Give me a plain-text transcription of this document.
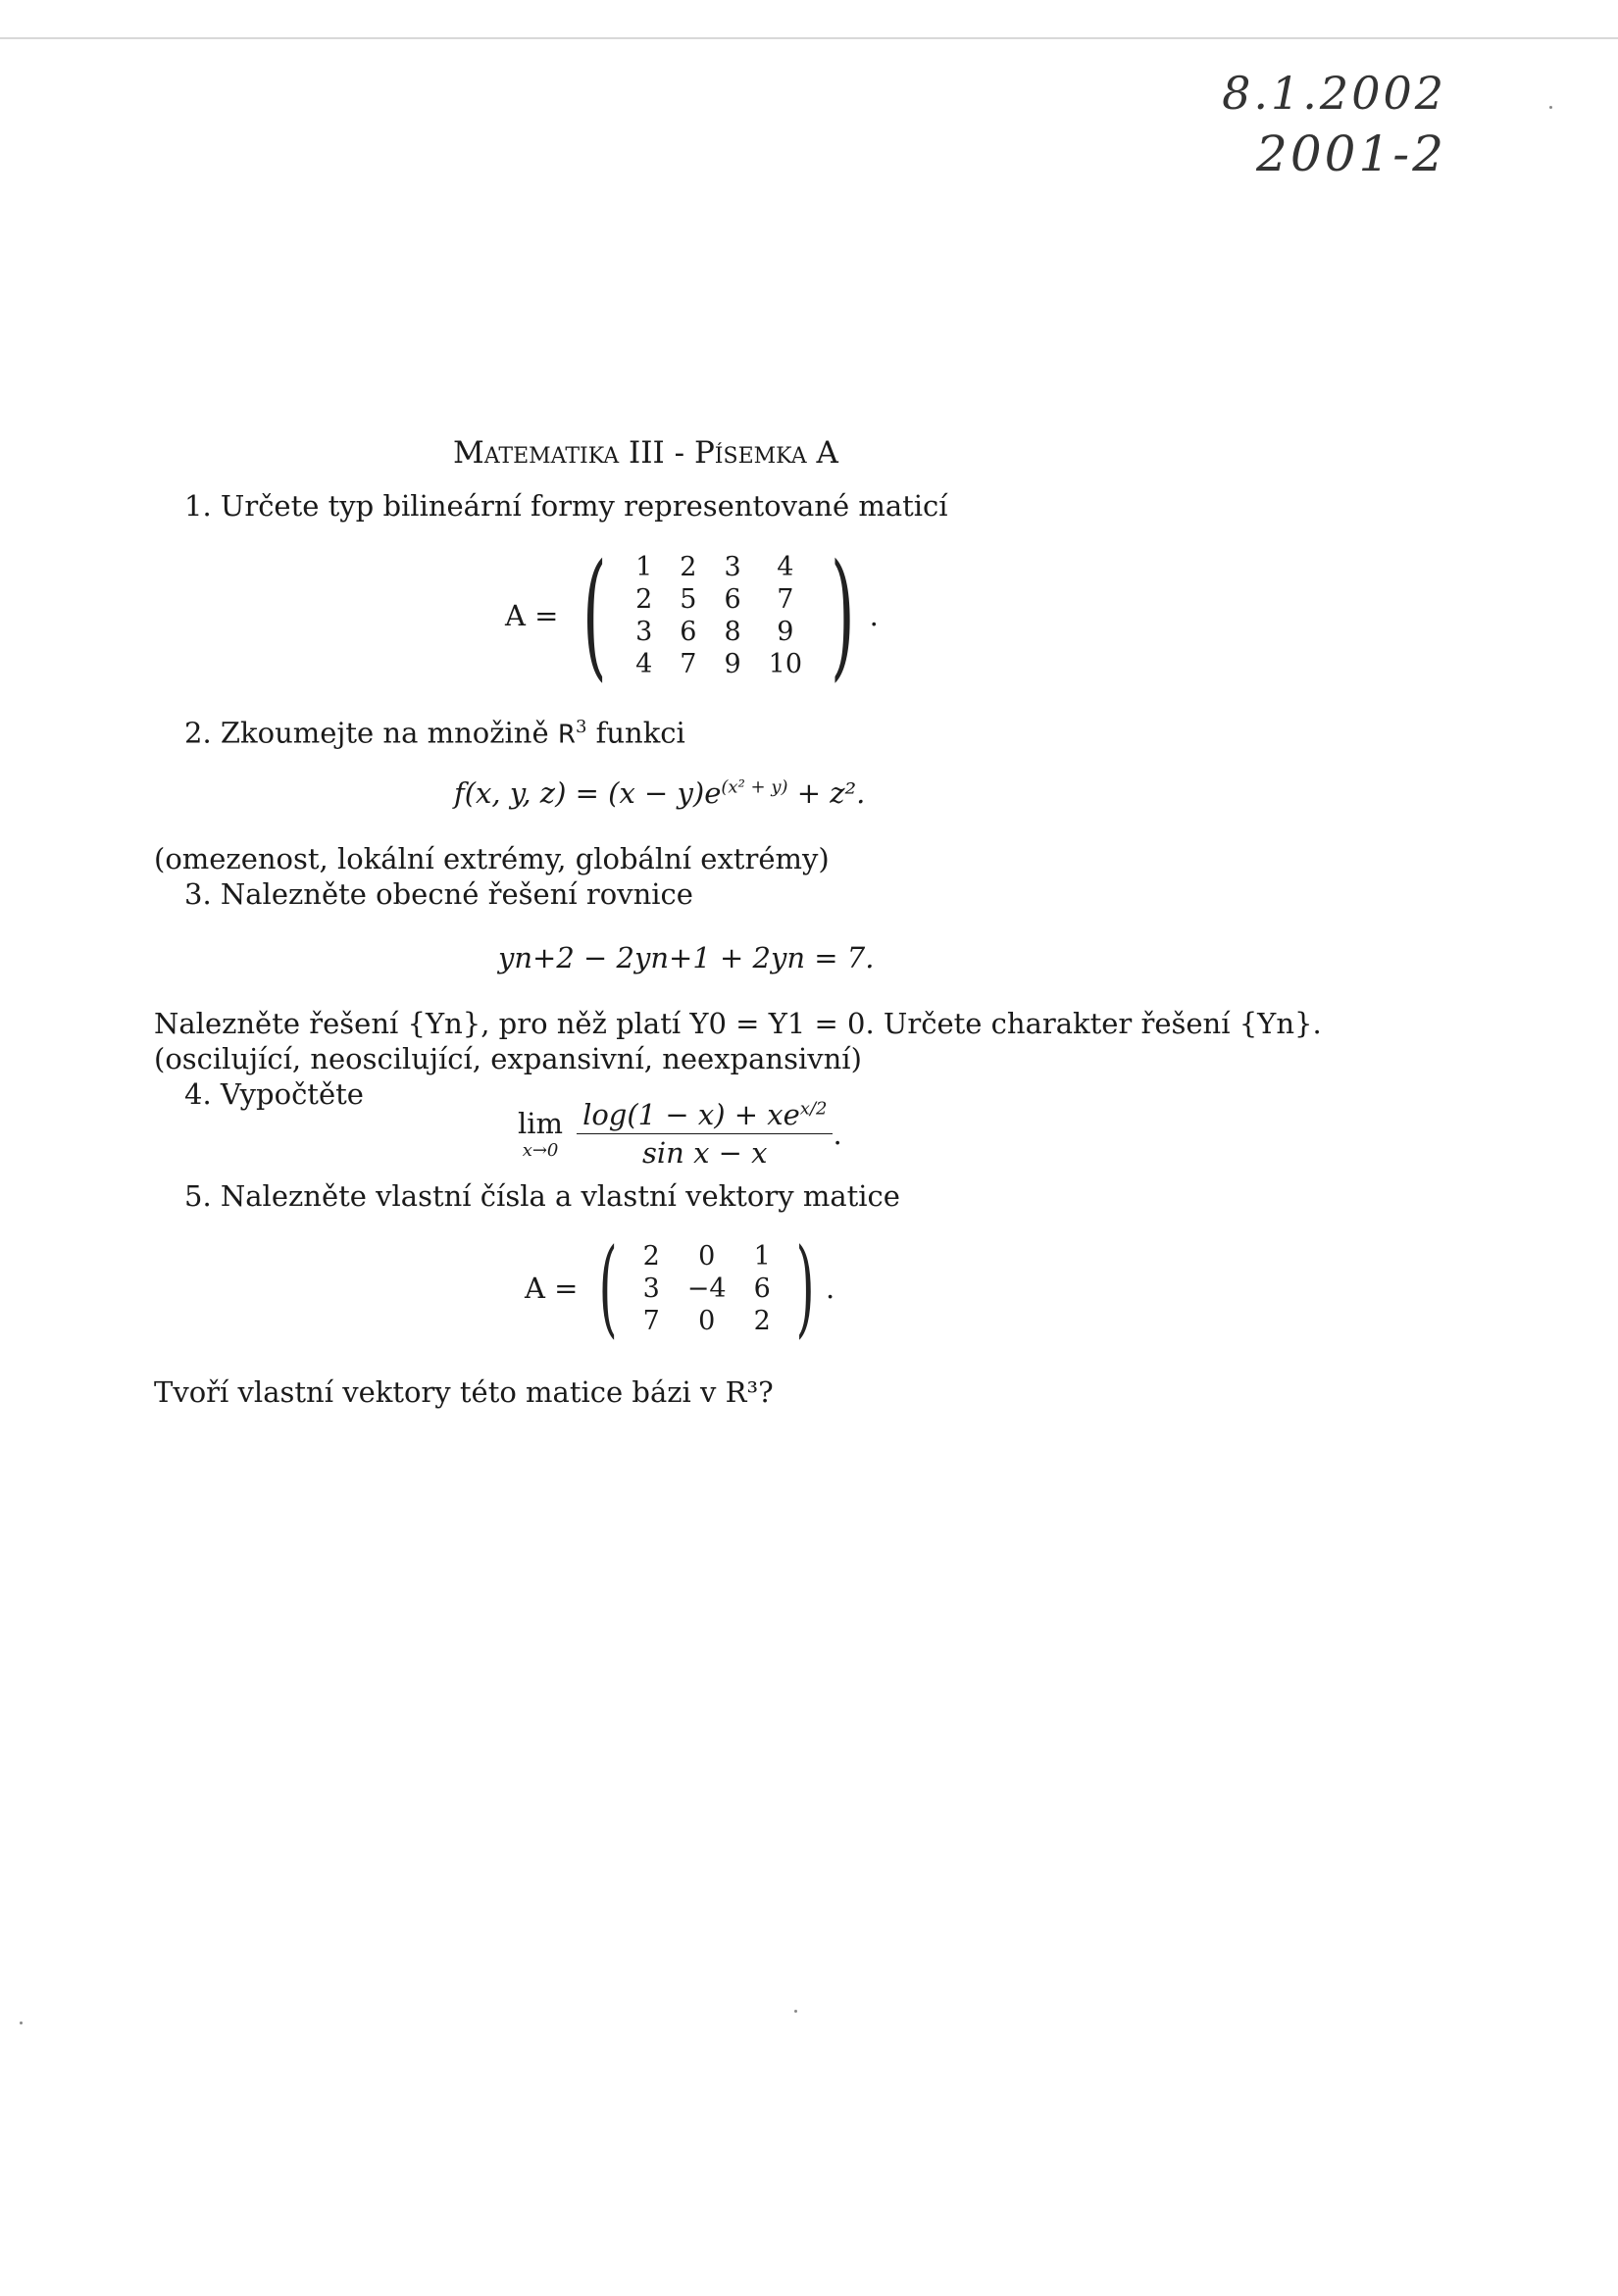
8.1.2002
2001-2
Matematika III - Písemka A
1. Určete typ bilineární formy representované maticí
A = ( 1	2	3	4
2	5	6	7
3	6	8	9
4	7	9	10 ) .
2. Zkoumejte na množině $R^3$ funkci
f(x, y, $z) = (x - y)e^{(x^2 + y)} + z^2$.
(omezenost, lokální extrémy, globální extrémy)
3. Nalezněte obecné řešení rovnice
yn+2 − 2yn+1 + 2yn = 7.
Nalezněte řešení {Yn}, pro něž platí Y0 = Y1 = 0. Určete charakter řešení {Yn}.
(oscilující, neoscilující, expansivní, neexpansivní)
4. Vypočtěte
lim
$x\to 0 \frac{\log(1 - x) + xe^{x/2}}{\text{sin x − x}}$ .
5. Nalezněte vlastní čísla a vlastní vektory matice
A = ( 2	0	1
3	−4	6
7	0	2 ) .
Tvoří vlastní vektory této matice bázi v R³?
